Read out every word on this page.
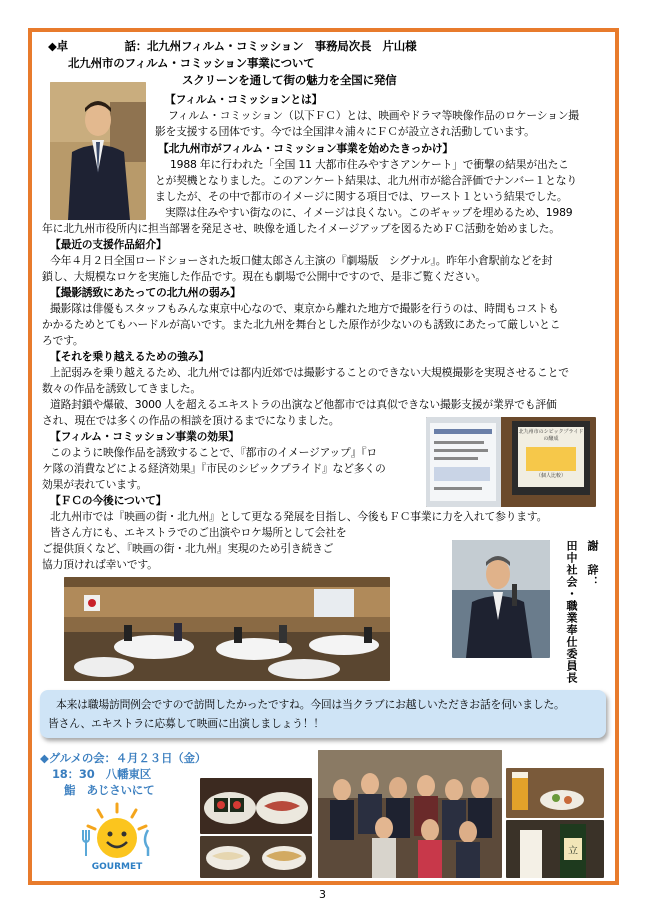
◆卓　　　　　話：北九州フィルム・コミッション　事務局次長　片山様
北九州市のフィルム・コミッション事業について
スクリーンを通して街の魅力を全国に発信
【フィルム・コミッションとは】
フィルム・コミッション（以下ＦＣ）とは、映画やドラマ等映像作品のロケーション撮
影を支援する団体です。今では全国津々浦々にＦＣが設立され活動しています。
【北九州市がフィルム・コミッション事業を始めたきっかけ】
1988 年に行われた「全国 11 大都市住みやすさアンケート」で衝撃の結果が出たこ
とが契機となりました。このアンケート結果は、北九州市が総合評価でナンバー１となり
ましたが、その中で都市のイメージに関する項目では、ワースト１という結果でした。
実際は住みやすい街なのに、イメージは良くない。このギャップを埋めるため、1989
年に北九州市役所内に担当部署を発足させ、映像を通したイメージアップを図るためＦＣ活動を始めました。
【最近の支援作品紹介】
今年４月２日全国ロードショーされた坂口健太郎さん主演の『劇場版　シグナル』。昨年小倉駅前などを封
鎖し、大規模なロケを実施した作品です。現在も劇場で公開中ですので、是非ご覧ください。
【撮影誘致にあたっての北九州の弱み】
撮影隊は俳優もスタッフもみんな東京中心なので、東京から離れた地方で撮影を行うのは、時間もコストも
かかるためとてもハードルが高いです。また北九州を舞台とした原作が少ないのも誘致にあたって厳しいとこ
ろです。
【それを乗り越えるための強み】
上記弱みを乗り越えるため、北九州では都内近郊では撮影することのできない大規模撮影を実現させることで
数々の作品を誘致してきました。
道路封鎖や爆破、3000 人を超えるエキストラの出演など他都市では真似できない撮影支援が業界でも評価
され、現在では多くの作品の相談を頂けるまでになりました。
北九州市のシビックプライドの醸成
（個人比較）
【フィルム・コミッション事業の効果】
このように映像作品を誘致することで、『都市のイメージアップ』『ロ
ケ隊の消費などによる経済効果』『市民のシビックプライド』など多くの
効果が表れています。
【ＦＣの今後について】
北九州市では『映画の街・北九州』として更なる発展を目指し、今後もＦＣ事業に力を入れて参ります。
皆さん方にも、エキストラでのご出演やロケ場所として会社を
ご提供頂くなど、『映画の街・北九州』実現のため引き続きご
協力頂ければ幸いです。	謝　辞：
田中社会・職業奉仕委員長
本来は職場訪問例会ですので訪問したかったですね。今回は当クラブにお越しいただきお話を伺いました。
皆さん、エキストラに応募して映画に出演しましょう！！
◆グルメの会：４月２３日（金）
18：30　八幡東区
鮨　あじさいにて
GOURMET
立
3
